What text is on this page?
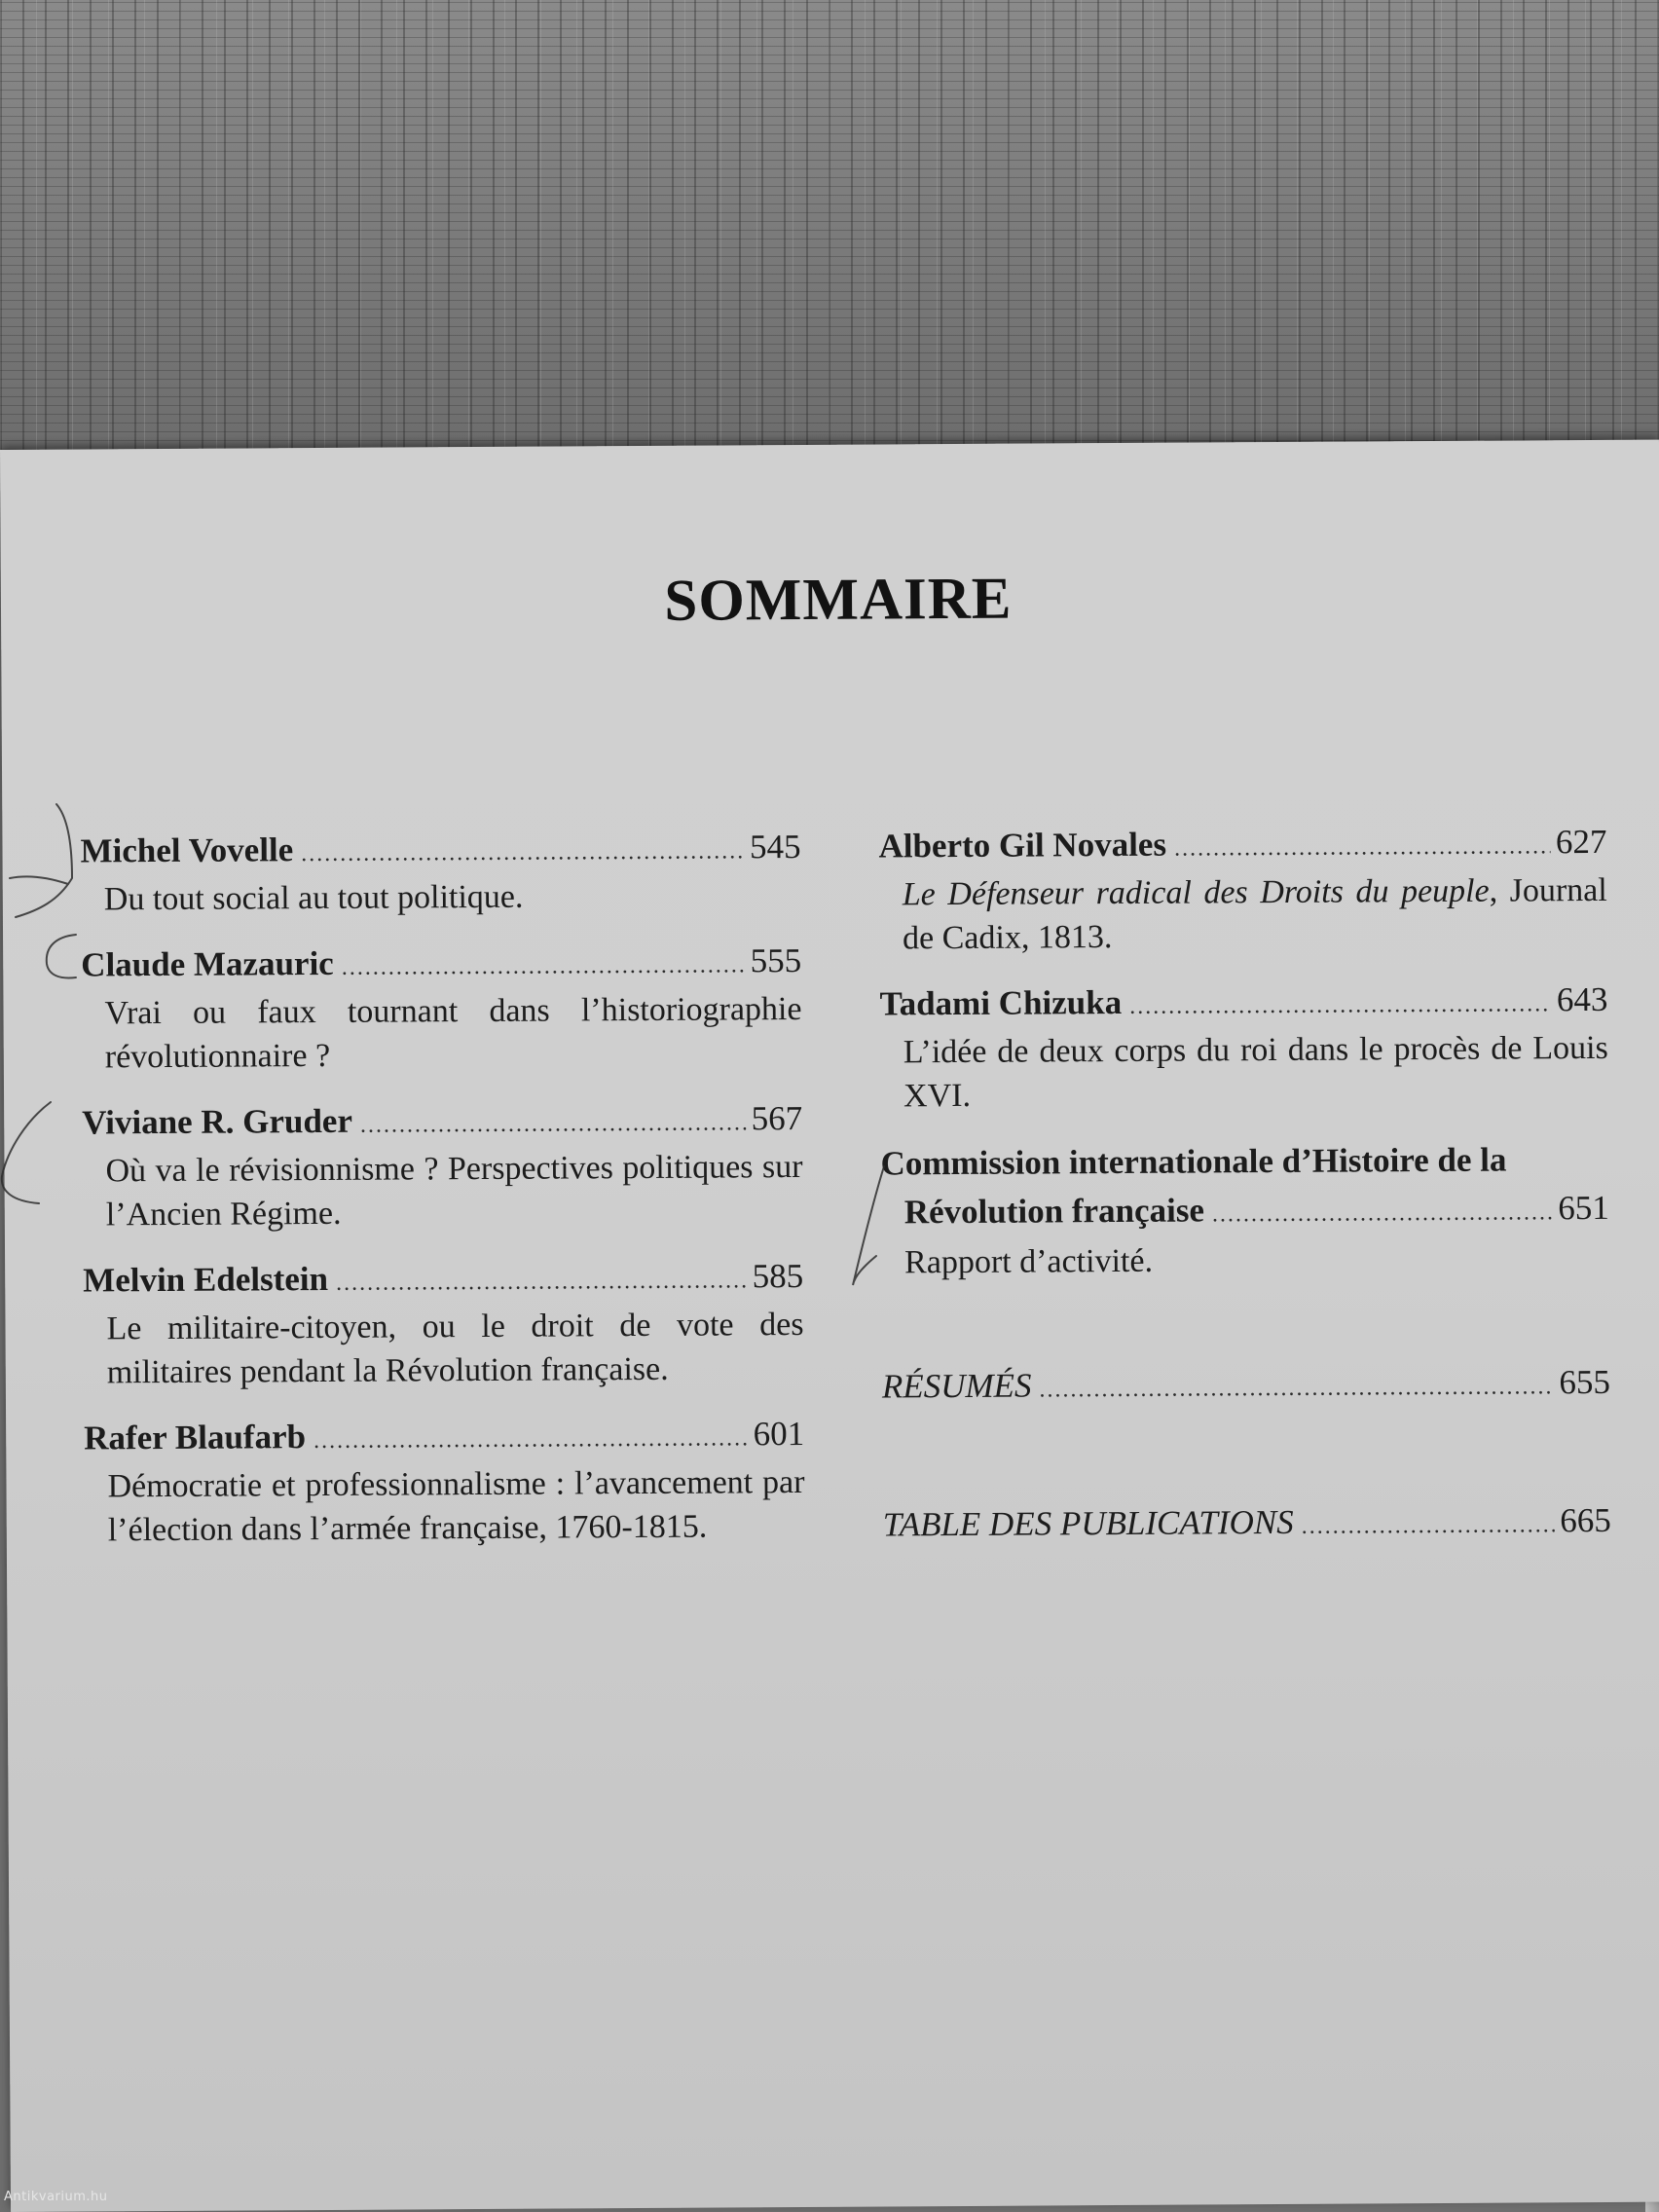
SOMMAIRE
Michel Vovelle .....	545
Du tout social au tout politique.
Claude Mazauric .....	555
Vrai ou faux tournant dans l’historiographie révolutionnaire ?
Viviane R. Gruder .....	567
Où va le révisionnisme ? Perspectives politiques sur l’Ancien Régime.
Melvin Edelstein .....	585
Le militaire-citoyen, ou le droit de vote des militaires pendant la Révolution française.
Rafer Blaufarb .....	601
Démocratie et professionnalisme : l’avancement par l’élection dans l’armée française, 1760-1815.
Alberto Gil Novales .....	627
Le Défenseur radical des Droits du peuple, Journal de Cadix, 1813.
Tadami Chizuka .....	643
L’idée de deux corps du roi dans le procès de Louis XVI.
Commission internationale d’Histoire de la
Révolution française .....	651
Rapport d’activité.
RÉSUMÉS .....	655
TABLE DES PUBLICATIONS .....	665
Antikvarium.hu
